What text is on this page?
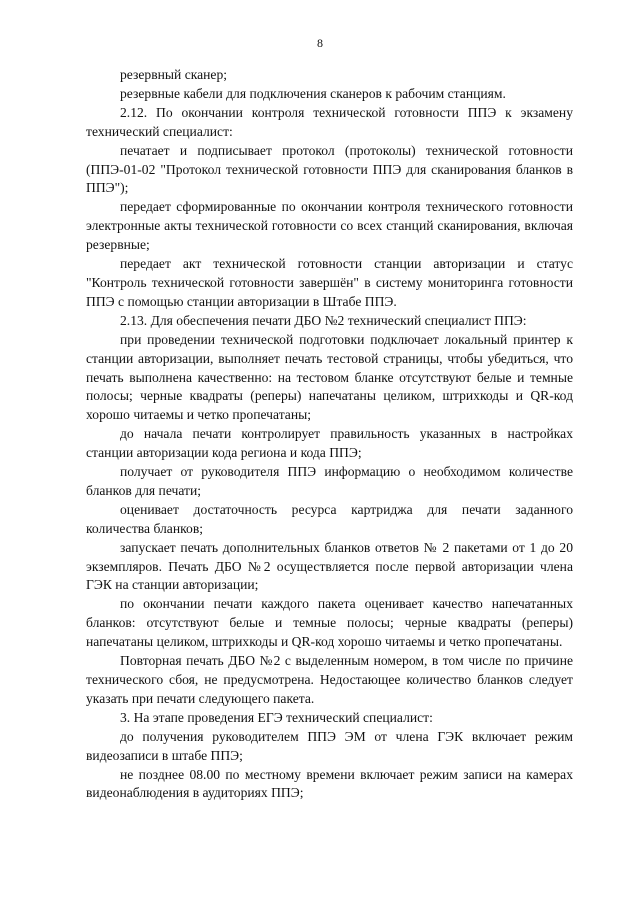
8

резервный сканер;

резервные кабели для подключения сканеров к рабочим станциям.

2.12. По окончании контроля технической готовности ППЭ к экзамену технический специалист:

печатает и подписывает протокол (протоколы) технической готовности (ППЭ-01-02 "Протокол технической готовности ППЭ для сканирования бланков в ППЭ");

передает сформированные по окончании контроля технического готовности электронные акты технической готовности со всех станций сканирования, включая резервные;

передает акт технической готовности станции авторизации и статус "Контроль технической готовности завершён" в систему мониторинга готовности ППЭ с помощью станции авторизации в Штабе ППЭ.

2.13. Для обеспечения печати ДБО №2 технический специалист ППЭ:

при проведении технической подготовки подключает локальный принтер к станции авторизации, выполняет печать тестовой страницы, чтобы убедиться, что печать выполнена качественно: на тестовом бланке отсутствуют белые и темные полосы; черные квадраты (реперы) напечатаны целиком, штрихкоды и QR-код хорошо читаемы и четко пропечатаны;

до начала печати контролирует правильность указанных в настройках станции авторизации кода региона и кода ППЭ;

получает от руководителя ППЭ информацию о необходимом количестве бланков для печати;

оценивает достаточность ресурса картриджа для печати заданного количества бланков;

запускает печать дополнительных бланков ответов № 2 пакетами от 1 до 20 экземпляров. Печать ДБО №2 осуществляется после первой авторизации члена ГЭК на станции авторизации;

по окончании печати каждого пакета оценивает качество напечатанных бланков: отсутствуют белые и темные полосы; черные квадраты (реперы) напечатаны целиком, штрихкоды и QR-код хорошо читаемы и четко пропечатаны.

Повторная печать ДБО №2 с выделенным номером, в том числе по причине технического сбоя, не предусмотрена. Недостающее количество бланков следует указать при печати следующего пакета.

3. На этапе проведения ЕГЭ технический специалист:

до получения руководителем ППЭ ЭМ от члена ГЭК включает режим видеозаписи в штабе ППЭ;

не позднее 08.00 по местному времени включает режим записи на камерах видеонаблюдения в аудиториях ППЭ;
